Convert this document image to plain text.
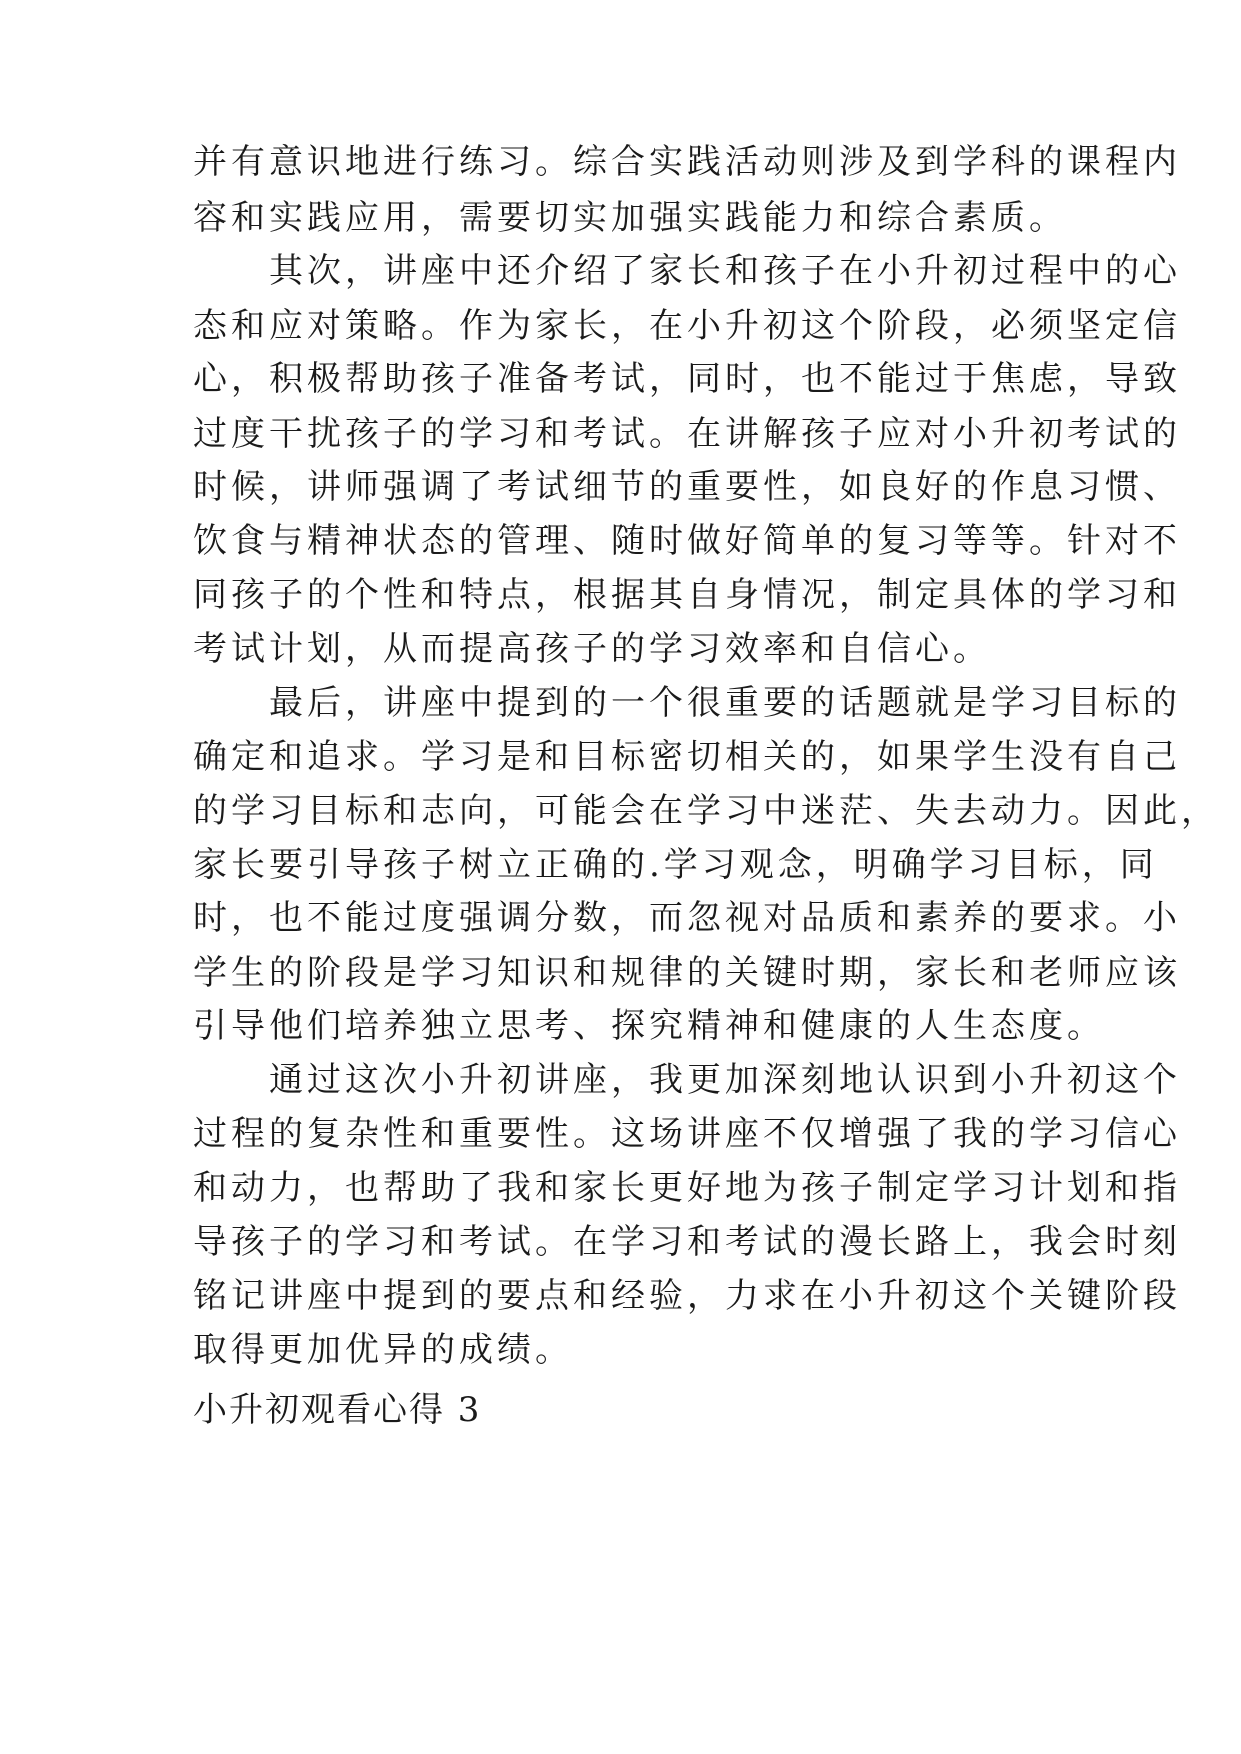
并有意识地进行练习。综合实践活动则涉及到学科的课程内
容和实践应用，需要切实加强实践能力和综合素质。
　　其次，讲座中还介绍了家长和孩子在小升初过程中的心
态和应对策略。作为家长，在小升初这个阶段，必须坚定信
心，积极帮助孩子准备考试，同时，也不能过于焦虑，导致
过度干扰孩子的学习和考试。在讲解孩子应对小升初考试的
时候，讲师强调了考试细节的重要性，如良好的作息习惯、
饮食与精神状态的管理、随时做好简单的复习等等。针对不
同孩子的个性和特点，根据其自身情况，制定具体的学习和
考试计划，从而提高孩子的学习效率和自信心。
　　最后，讲座中提到的一个很重要的话题就是学习目标的
确定和追求。学习是和目标密切相关的，如果学生没有自己
的学习目标和志向，可能会在学习中迷茫、失去动力。因此，
家长要引导孩子树立正确的.学习观念，明确学习目标，同
时，也不能过度强调分数，而忽视对品质和素养的要求。小
学生的阶段是学习知识和规律的关键时期，家长和老师应该
引导他们培养独立思考、探究精神和健康的人生态度。
　　通过这次小升初讲座，我更加深刻地认识到小升初这个
过程的复杂性和重要性。这场讲座不仅增强了我的学习信心
和动力，也帮助了我和家长更好地为孩子制定学习计划和指
导孩子的学习和考试。在学习和考试的漫长路上，我会时刻
铭记讲座中提到的要点和经验，力求在小升初这个关键阶段
取得更加优异的成绩。
小升初观看心得 3
